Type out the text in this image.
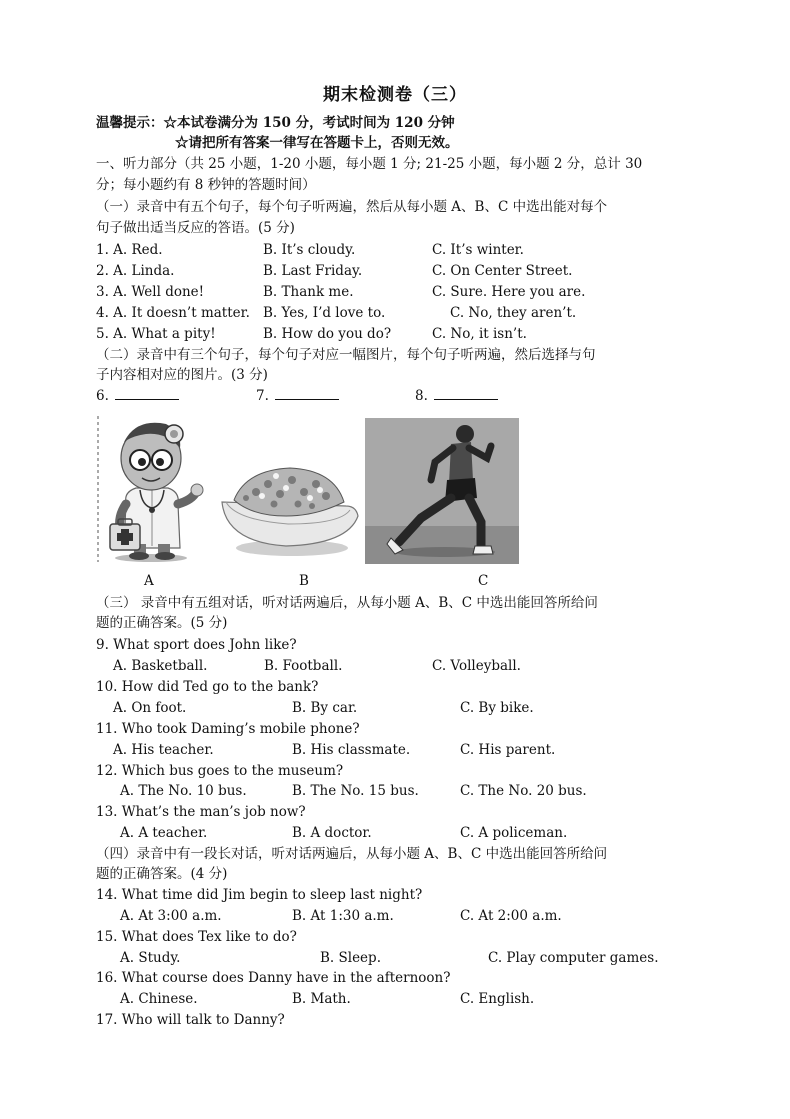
期末检测卷（三）
温馨提示：☆本试卷满分为 150 分，考试时间为 120 分钟
☆请把所有答案一律写在答题卡上，否则无效。
一、听力部分（共 25 小题，1-20 小题，每小题 1 分; 21-25 小题，每小题 2 分，总计 30
分；每小题约有 8 秒钟的答题时间）
（一）录音中有五个句子，每个句子听两遍，然后从每小题 A、B、C 中选出能对每个
句子做出适当反应的答语。(5 分)
1. A. Red.	B. It’s cloudy.	C. It’s winter.
2. A. Linda.	B. Last Friday.	C. On Center Street.
3. A. Well done!	B. Thank me.	C. Sure. Here you are.
4. A. It doesn’t matter. B. Yes, I’d love to.	C. No, they aren’t.
5. A. What a pity!	B. How do you do?	C. No, it isn’t.
（二）录音中有三个句子，每个句子对应一幅图片，每个句子听两遍，然后选择与句
子内容相对应的图片。(3 分)
6.	7.	8.
A	B	C
（三） 录音中有五组对话，听对话两遍后，从每小题 A、B、C 中选出能回答所给问
题的正确答案。(5 分)
9. What sport does John like?
A. Basketball.	B. Football.	C. Volleyball.
10. How did Ted go to the bank?
A. On foot.	B. By car.	C. By bike.
11. Who took Daming’s mobile phone?
A. His teacher.	B. His classmate.	C. His parent.
12. Which bus goes to the museum?
A. The No. 10 bus.	B. The No. 15 bus.	C. The No. 20 bus.
13. What’s the man’s job now?
A. A teacher.	B. A doctor.	C. A policeman.
（四）录音中有一段长对话，听对话两遍后，从每小题 A、B、C 中选出能回答所给问
题的正确答案。(4 分)
14. What time did Jim begin to sleep last night?
A. At 3:00 a.m.	B. At 1:30 a.m.	C. At 2:00 a.m.
15. What does Tex like to do?
A. Study.	B. Sleep.	C. Play computer games.
16. What course does Danny have in the afternoon?
A. Chinese.	B. Math.	C. English.
17. Who will talk to Danny?
